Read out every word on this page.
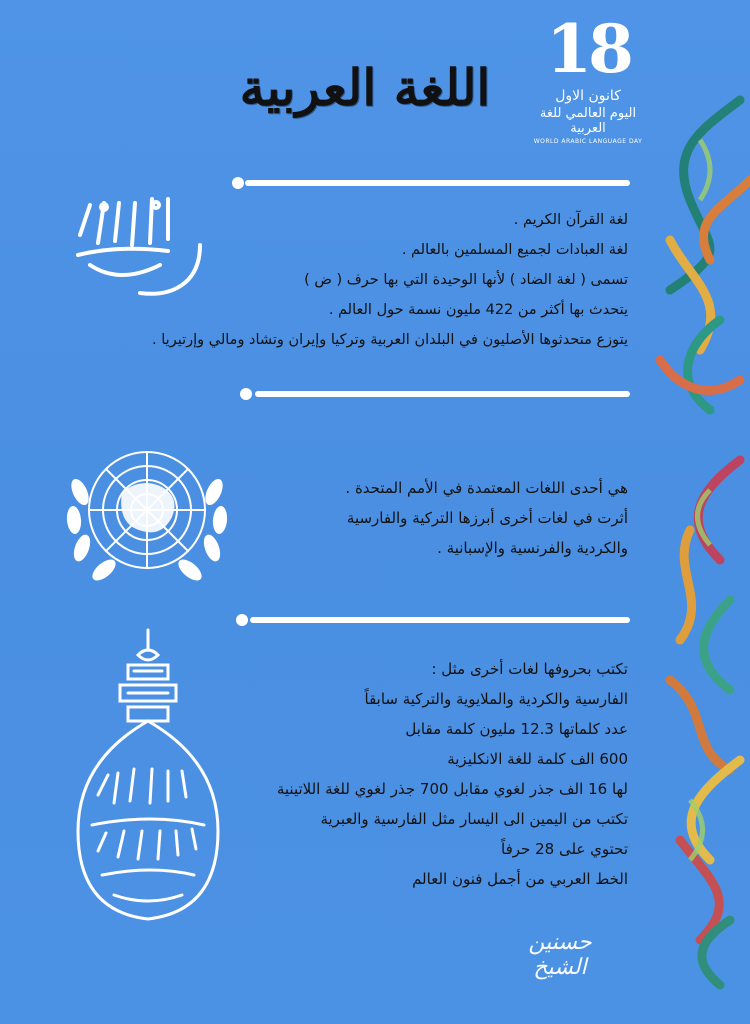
18
كانون الاول
اليوم العالمي للغة العربية
WORLD ARABIC LANGUAGE DAY
اللغة العربية
لغة القرآن الكريم .
لغة العبادات لجميع المسلمين بالعالم .
تسمى ( لغة الضاد ) لأنها الوحيدة التي بها حرف ( ض )
يتحدث بها أكثر من 422 مليون نسمة حول العالم .
يتوزع متحدثوها الأصليون في البلدان العربية وتركيا وإيران وتشاد ومالي وإرتيريا .
هي أحدى اللغات المعتمدة في الأمم المتحدة .
أثرت في لغات أخرى أبرزها التركية والفارسية
والكردية والفرنسية والإسبانية .
تكتب بحروفها لغات أخرى مثل :
الفارسية والكردية والملايوية والتركية سابقاً
عدد كلماتها 12.3 مليون كلمة مقابل
600 الف كلمة للغة الانكليزية
لها 16 الف جذر لغوي مقابل 700 جذر لغوي للغة اللاتينية
تكتب من اليمين الى اليسار مثل الفارسية والعبرية
تحتوي على 28 حرفاً
الخط العربي من أجمل فنون العالم
حسنين الشيخ
